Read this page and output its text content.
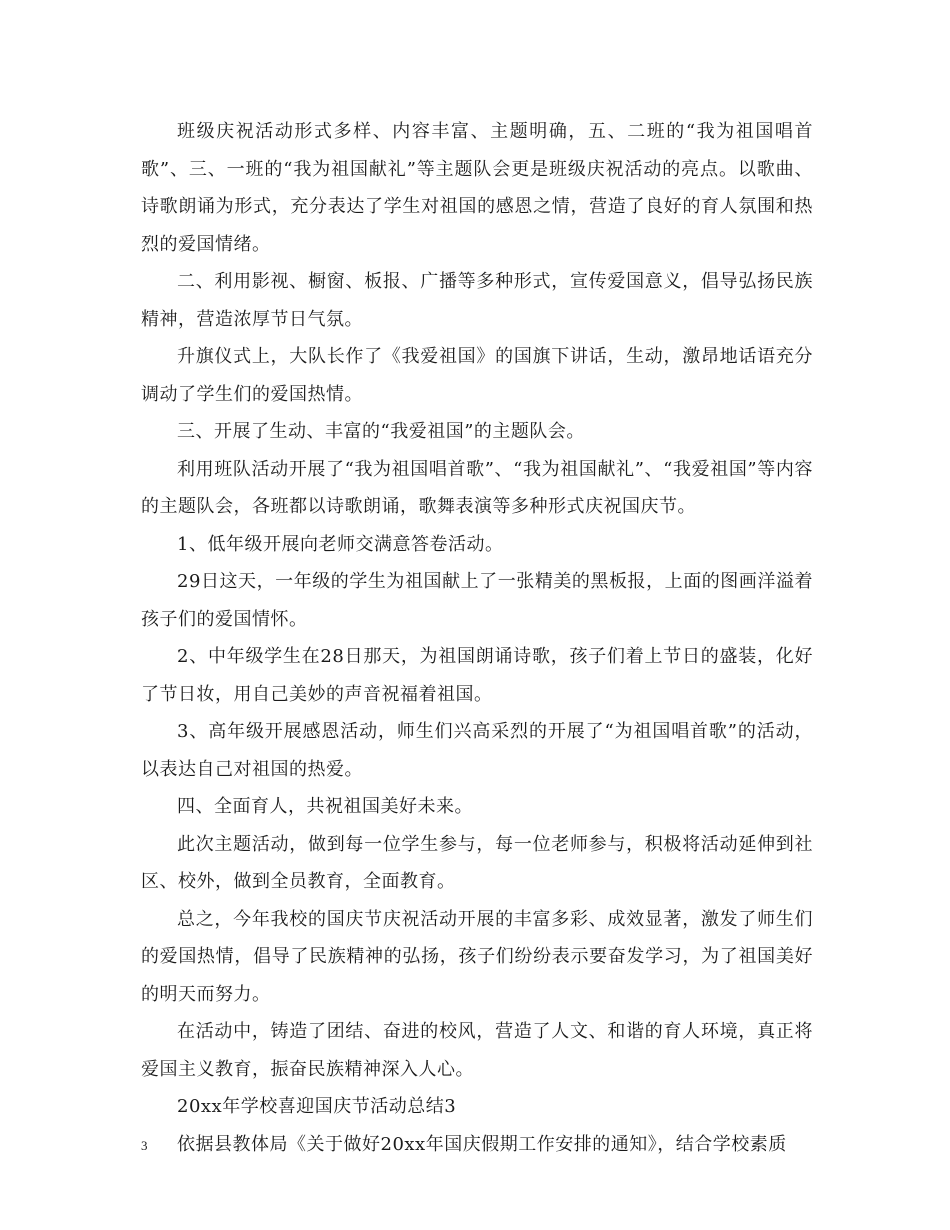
班级庆祝活动形式多样、内容丰富、主题明确，五、二班的“我为祖国唱首歌”、三、一班的“我为祖国献礼”等主题队会更是班级庆祝活动的亮点。以歌曲、诗歌朗诵为形式，充分表达了学生对祖国的感恩之情，营造了良好的育人氛围和热烈的爱国情绪。

二、利用影视、橱窗、板报、广播等多种形式，宣传爱国意义，倡导弘扬民族精神，营造浓厚节日气氛。

升旗仪式上，大队长作了《我爱祖国》的国旗下讲话，生动，激昂地话语充分调动了学生们的爱国热情。

三、开展了生动、丰富的“我爱祖国”的主题队会。

利用班队活动开展了“我为祖国唱首歌”、“我为祖国献礼”、“我爱祖国”等内容的主题队会，各班都以诗歌朗诵，歌舞表演等多种形式庆祝国庆节。

1、低年级开展向老师交满意答卷活动。

29日这天，一年级的学生为祖国献上了一张精美的黑板报，上面的图画洋溢着孩子们的爱国情怀。

2、中年级学生在28日那天，为祖国朗诵诗歌，孩子们着上节日的盛装，化好了节日妆，用自己美妙的声音祝福着祖国。

3、高年级开展感恩活动，师生们兴高采烈的开展了“为祖国唱首歌”的活动，以表达自己对祖国的热爱。

四、全面育人，共祝祖国美好未来。

此次主题活动，做到每一位学生参与，每一位老师参与，积极将活动延伸到社区、校外，做到全员教育，全面教育。

总之，今年我校的国庆节庆祝活动开展的丰富多彩、成效显著，激发了师生们的爱国热情，倡导了民族精神的弘扬，孩子们纷纷表示要奋发学习，为了祖国美好的明天而努力。

在活动中，铸造了团结、奋进的校风，营造了人文、和谐的育人环境，真正将爱国主义教育，振奋民族精神深入人心。

20xx年学校喜迎国庆节活动总结3

依据县教体局《关于做好20xx年国庆假期工作安排的通知》，结合学校素质

3
